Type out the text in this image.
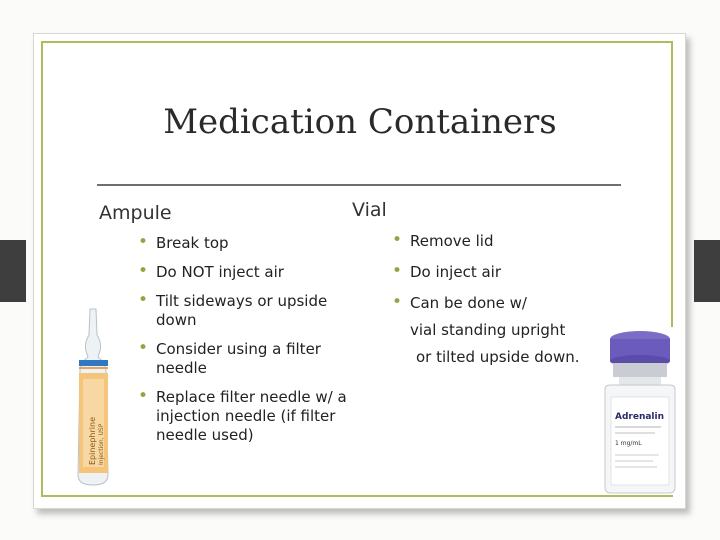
Medication Containers
Ampule	Vial
• Break top
• Do NOT inject air
• Tilt sideways or upside down
• Consider using a filter needle
• Replace filter needle w/ a injection needle (if filter needle used)
• Remove lid
• Do inject air
• Can be done w/
vial standing upright
or tilted upside down.
Epinephrine Injection, USP
Adrenalin
1 mg/mL
